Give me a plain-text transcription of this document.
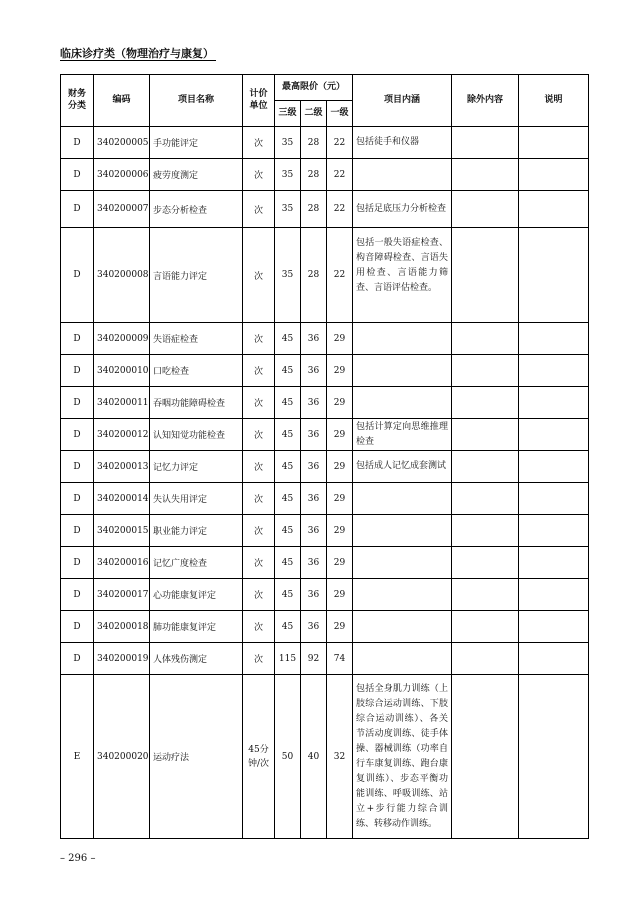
临床诊疗类（物理治疗与康复）
财务分类	编码	项目名称	计价单位	最高限价（元）			项目内涵	除外内容	说明
				三级	二级	一级			
D	340200005	手功能评定	次	35	28	22	包括徒手和仪器		
D	340200006	疲劳度测定	次	35	28	22			
D	340200007	步态分析检查	次	35	28	22	包括足底压力分析检查		
D	340200008	言语能力评定	次	35	28	22	包括一般失语症检查、构音障碍检查、言语失用检查、言语能力筛查、言语评估检查。		
D	340200009	失语症检查	次	45	36	29			
D	340200010	口吃检查	次	45	36	29			
D	340200011	吞咽功能障碍检查	次	45	36	29			
D	340200012	认知知觉功能检查	次	45	36	29	包括计算定向思维推理检查		
D	340200013	记忆力评定	次	45	36	29	包括成人记忆成套测试		
D	340200014	失认失用评定	次	45	36	29			
D	340200015	职业能力评定	次	45	36	29			
D	340200016	记忆广度检查	次	45	36	29			
D	340200017	心功能康复评定	次	45	36	29			
D	340200018	肺功能康复评定	次	45	36	29			
D	340200019	人体残伤测定	次	115	92	74			
E	340200020	运动疗法	45分钟/次	50	40	32	包括全身肌力训练（上肢综合运动训练、下肢综合运动训练）、各关节活动度训练、徒手体操、器械训练（功率自行车康复训练、跑台康复训练）、步态平衡功能训练、呼吸训练、站立+步行能力综合训练、转移动作训练。		
– 296 –
